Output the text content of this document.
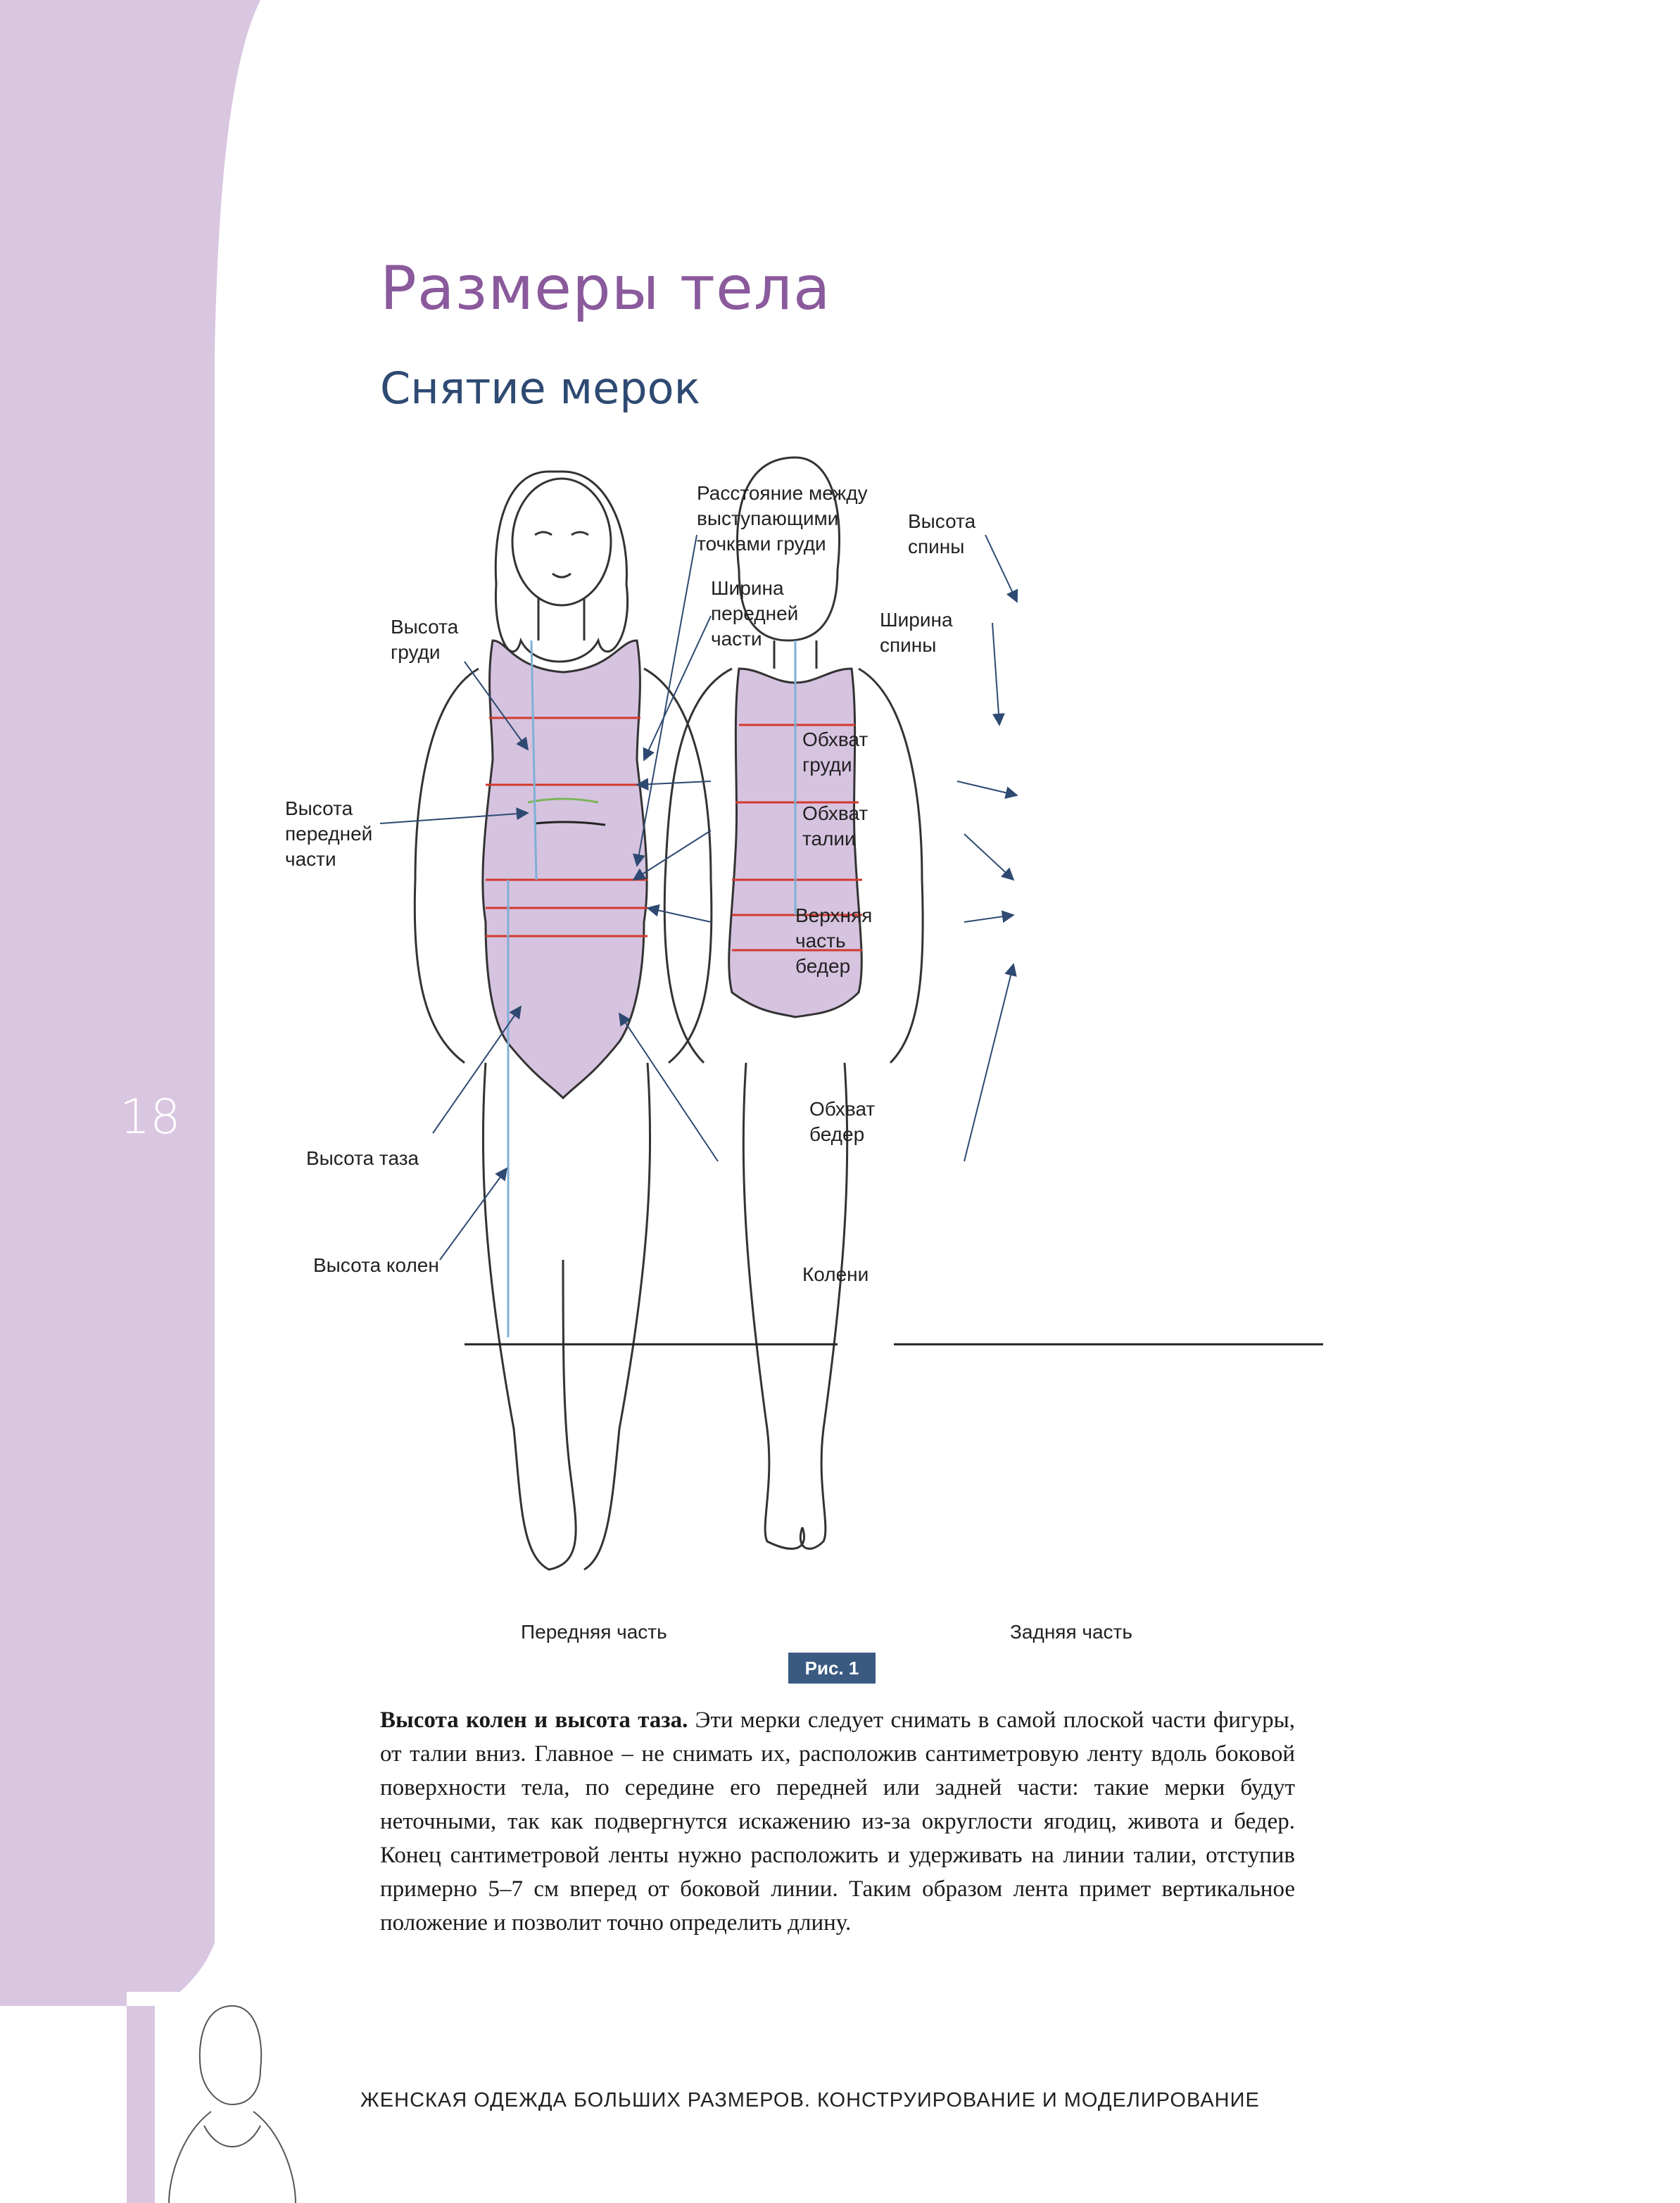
18
Размеры тела
Снятие мерок
Расстояние между выступающими точками груди
Ширина передней части
Высота груди
Высота передней части
Обхват груди
Обхват талии
Верхняя часть бедер
Обхват бедер
Высота таза
Высота колен	Колени
Высота спины
Ширина спины
Передняя часть	Задняя часть
Рис. 1
Высота колен и высота таза. Эти мерки следует снимать в самой плоской части фигуры, от талии вниз. Главное – не снимать их, расположив сантиметровую ленту вдоль боковой поверхности тела, по середине его передней или задней части: такие мерки будут неточными, так как подвергнутся искажению из-за округлости ягодиц, живота и бедер. Конец сантиметровой ленты нужно расположить и удерживать на линии талии, отступив примерно 5–7 см вперед от боковой линии. Таким образом лента примет вертикальное положение и позволит точно определить длину.
ЖЕНСКАЯ ОДЕЖДА БОЛЬШИХ РАЗМЕРОВ. КОНСТРУИРОВАНИЕ И МОДЕЛИРОВАНИЕ
